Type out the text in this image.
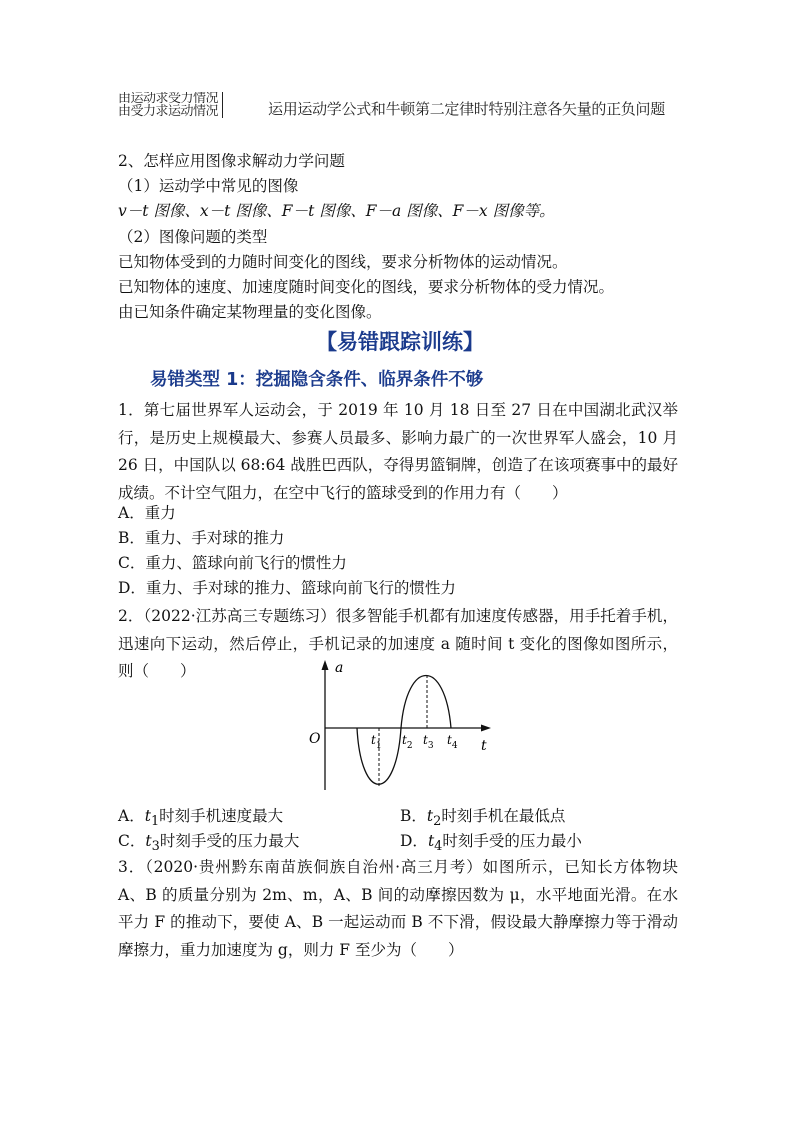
由运动求受力情况
由受力求运动情况	运用运动学公式和牛顿第二定律时特别注意各矢量的正负问题
2、怎样应用图像求解动力学问题
（1）运动学中常见的图像
v－t 图像、x－t 图像、F－t 图像、F－a 图像、F－x 图像等。
（2）图像问题的类型
已知物体受到的力随时间变化的图线，要求分析物体的运动情况。
已知物体的速度、加速度随时间变化的图线，要求分析物体的受力情况。
由已知条件确定某物理量的变化图像。
【易错跟踪训练】
易错类型 1：挖掘隐含条件、临界条件不够
1．第七届世界军人运动会，于 2019 年 10 月 18 日至 27 日在中国湖北武汉举行，是历史上规模最大、参赛人员最多、影响力最广的一次世界军人盛会，10 月 26 日，中国队以 68:64 战胜巴西队，夺得男篮铜牌，创造了在该项赛事中的最好成绩。不计空气阻力，在空中飞行的篮球受到的作用力有（　　）
A．重力
B．重力、手对球的推力
C．重力、篮球向前飞行的惯性力
D．重力、手对球的推力、篮球向前飞行的惯性力
2．（2022·江苏高三专题练习）很多智能手机都有加速度传感器，用手托着手机，迅速向下运动，然后停止，手机记录的加速度 a 随时间 t 变化的图像如图所示，则（　　）	a
t
O	$t_1$ $t_2$ $t_3$ $t_4$
A．$t_1$时刻手机速度最大	B．$t_2$时刻手机在最低点
C．$t_3$时刻手受的压力最大	D．$t_4$时刻手受的压力最小
3．（2020·贵州黔东南苗族侗族自治州·高三月考）如图所示，已知长方体物块 A、B 的质量分别为 2m、m，A、B 间的动摩擦因数为 μ，水平地面光滑。在水平力 F 的推动下，要使 A、B 一起运动而 B 不下滑，假设最大静摩擦力等于滑动摩擦力，重力加速度为 g，则力 F 至少为（　　）
